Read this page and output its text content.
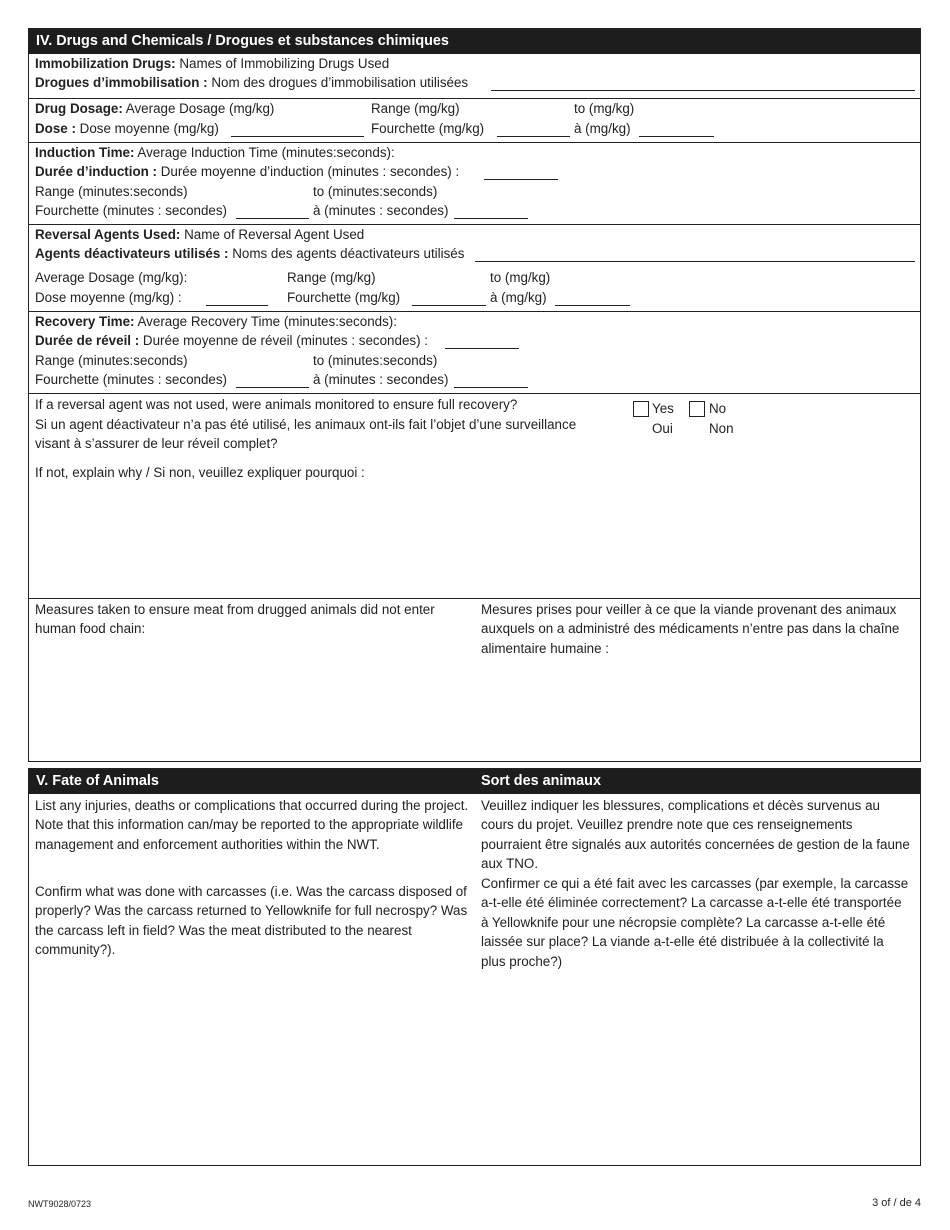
IV. Drugs and Chemicals / Drogues et substances chimiques
Immobilization Drugs: Names of Immobilizing Drugs Used
Drogues d’immobilisation : Nom des drogues d’immobilisation utilisées
Drug Dosage: Average Dosage (mg/kg)	Range (mg/kg)	to (mg/kg)
Dose : Dose moyenne (mg/kg)	Fourchette (mg/kg)	à (mg/kg)
Induction Time: Average Induction Time (minutes:seconds):
Durée d’induction : Durée moyenne d’induction (minutes : secondes) :
Range (minutes:seconds)	to (minutes:seconds)
Fourchette (minutes : secondes)	à (minutes : secondes)
Reversal Agents Used: Name of Reversal Agent Used
Agents déactivateurs utilisés : Noms des agents déactivateurs utilisés
Average Dosage (mg/kg):	Range (mg/kg)	to (mg/kg)
Dose moyenne (mg/kg) :	Fourchette (mg/kg)	à (mg/kg)
Recovery Time: Average Recovery Time (minutes:seconds):
Durée de réveil : Durée moyenne de réveil (minutes : secondes) :
Range (minutes:seconds)	to (minutes:seconds)
Fourchette (minutes : secondes)	à (minutes : secondes)
If a reversal agent was not used, were animals monitored to ensure full recovery?
Si un agent déactivateur n’a pas été utilisé, les animaux ont-ils fait l’objet d’une surveillance
visant à s’assurer de leur réveil complet?
Yes
Oui
No
Non
If not, explain why / Si non, veuillez expliquer pourquoi :
Measures taken to ensure meat from drugged animals did not enter human food chain:
Mesures prises pour veiller à ce que la viande provenant des animaux auxquels on a administré des médicaments n’entre pas dans la chaîne alimentaire humaine :
V. Fate of Animals	Sort des animaux
List any injuries, deaths or complications that occurred during the project. Note that this information can/may be reported to the appropriate wildlife management and enforcement authorities within the NWT.
Confirm what was done with carcasses (i.e. Was the carcass disposed of properly? Was the carcass returned to Yellowknife for full necrospy? Was the carcass left in field? Was the meat distributed to the nearest community?).
Veuillez indiquer les blessures, complications et décès survenus au cours du projet. Veuillez prendre note que ces renseignements pourraient être signalés aux autorités concernées de gestion de la faune aux TNO.
Confirmer ce qui a été fait avec les carcasses (par exemple, la carcasse a-t-elle été éliminée correctement? La carcasse a-t-elle été transportée à Yellowknife pour une nécropsie complète? La carcasse a-t-elle été laissée sur place? La viande a-t-elle été distribuée à la collectivité la plus proche?)
NWT9028/0723	3 of / de 4
